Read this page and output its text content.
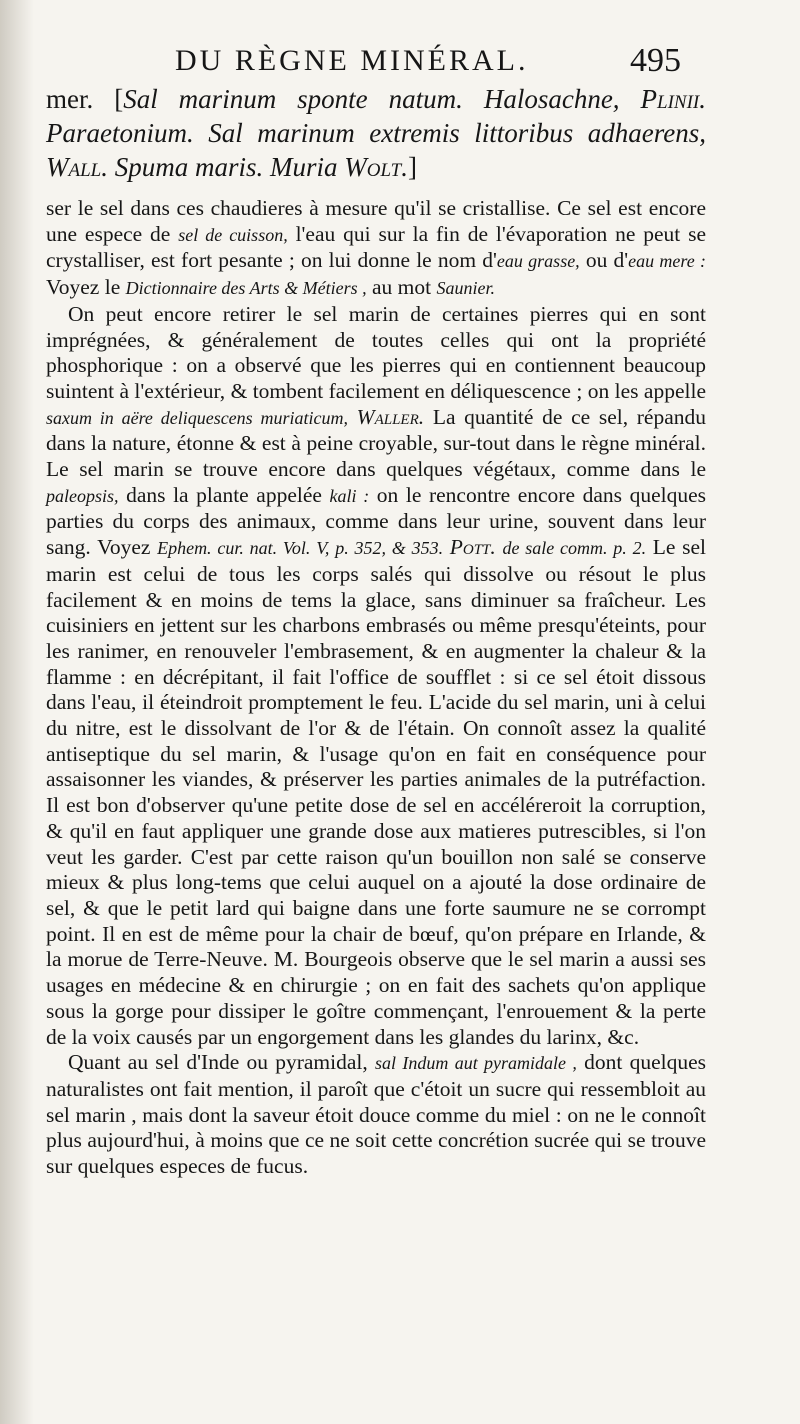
DU RÈGNE MINÉRAL.	495

mer. [Sal marinum sponte natum. Halosachne, Plinii. Paraetonium. Sal marinum extremis littoribus adhaerens, Wall. Spuma maris. Muria Wolt.]

ser le sel dans ces chaudieres à mesure qu'il se cristallise. Ce sel est encore une espece de sel de cuisson, l'eau qui sur la fin de l'évaporation ne peut se crystalliser, est fort pesante ; on lui donne le nom d'eau grasse, ou d'eau mere : Voyez le Dictionnaire des Arts & Métiers , au mot Saunier.

On peut encore retirer le sel marin de certaines pierres qui en sont imprégnées, & généralement de toutes celles qui ont la propriété phosphorique : on a observé que les pierres qui en contiennent beaucoup suintent à l'extérieur, & tombent facilement en déliquescence ; on les appelle saxum in aëre deliquescens muriaticum, Waller. La quantité de ce sel, répandu dans la nature, étonne & est à peine croyable, sur-tout dans le règne minéral. Le sel marin se trouve encore dans quelques végétaux, comme dans le paleopsis, dans la plante appelée kali : on le rencontre encore dans quelques parties du corps des animaux, comme dans leur urine, souvent dans leur sang. Voyez Ephem. cur. nat. Vol. V, p. 352, & 353. Pott. de sale comm. p. 2. Le sel marin est celui de tous les corps salés qui dissolve ou résout le plus facilement & en moins de tems la glace, sans diminuer sa fraîcheur. Les cuisiniers en jettent sur les charbons embrasés ou même presqu'éteints, pour les ranimer, en renouveler l'embrasement, & en augmenter la chaleur & la flamme : en décrépitant, il fait l'office de soufflet : si ce sel étoit dissous dans l'eau, il éteindroit promptement le feu. L'acide du sel marin, uni à celui du nitre, est le dissolvant de l'or & de l'étain. On connoît assez la qualité antiseptique du sel marin, & l'usage qu'on en fait en conséquence pour assaisonner les viandes, & préserver les parties animales de la putréfaction. Il est bon d'observer qu'une petite dose de sel en accéléreroit la corruption, & qu'il en faut appliquer une grande dose aux matieres putrescibles, si l'on veut les garder. C'est par cette raison qu'un bouillon non salé se conserve mieux & plus long-tems que celui auquel on a ajouté la dose ordinaire de sel, & que le petit lard qui baigne dans une forte saumure ne se corrompt point. Il en est de même pour la chair de bœuf, qu'on prépare en Irlande, & la morue de Terre-Neuve. M. Bourgeois observe que le sel marin a aussi ses usages en médecine & en chirurgie ; on en fait des sachets qu'on applique sous la gorge pour dissiper le goître commençant, l'enrouement & la perte de la voix causés par un engorgement dans les glandes du larinx, &c.

Quant au sel d'Inde ou pyramidal, sal Indum aut pyramidale , dont quelques naturalistes ont fait mention, il paroît que c'étoit un sucre qui ressembloit au sel marin , mais dont la saveur étoit douce comme du miel : on ne le connoît plus aujourd'hui, à moins que ce ne soit cette concrétion sucrée qui se trouve sur quelques especes de fucus.
